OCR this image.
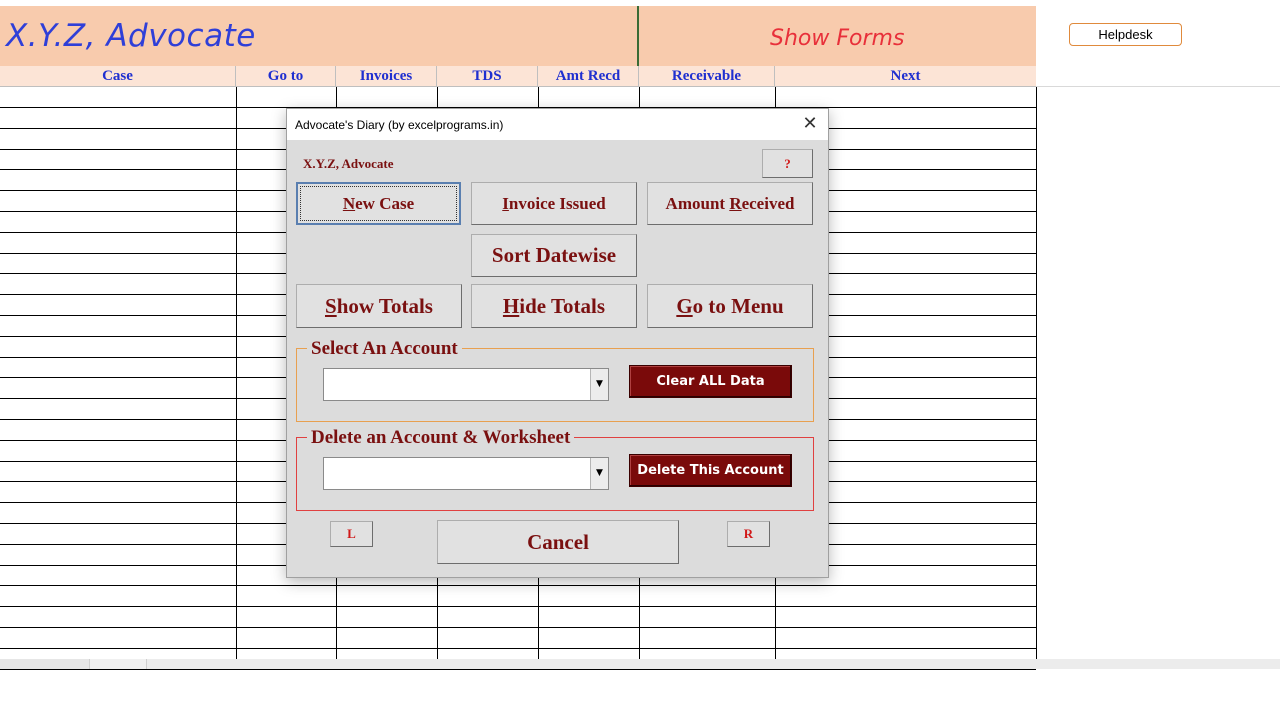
X.Y.Z, Advocate	Show Forms	Helpdesk
Case	Go to	Invoices	TDS	Amt Recd	Receivable	Next
Advocate's Diary (by excelprograms.in)	✕
X.Y.Z, Advocate	?
New Case	Invoice Issued	Amount Received
Sort Datewise
Show Totals	Hide Totals	Go to Menu
Select An Account
▼	Clear ALL Data
Delete an Account & Worksheet
▼	Delete This Account
L	Cancel	R
